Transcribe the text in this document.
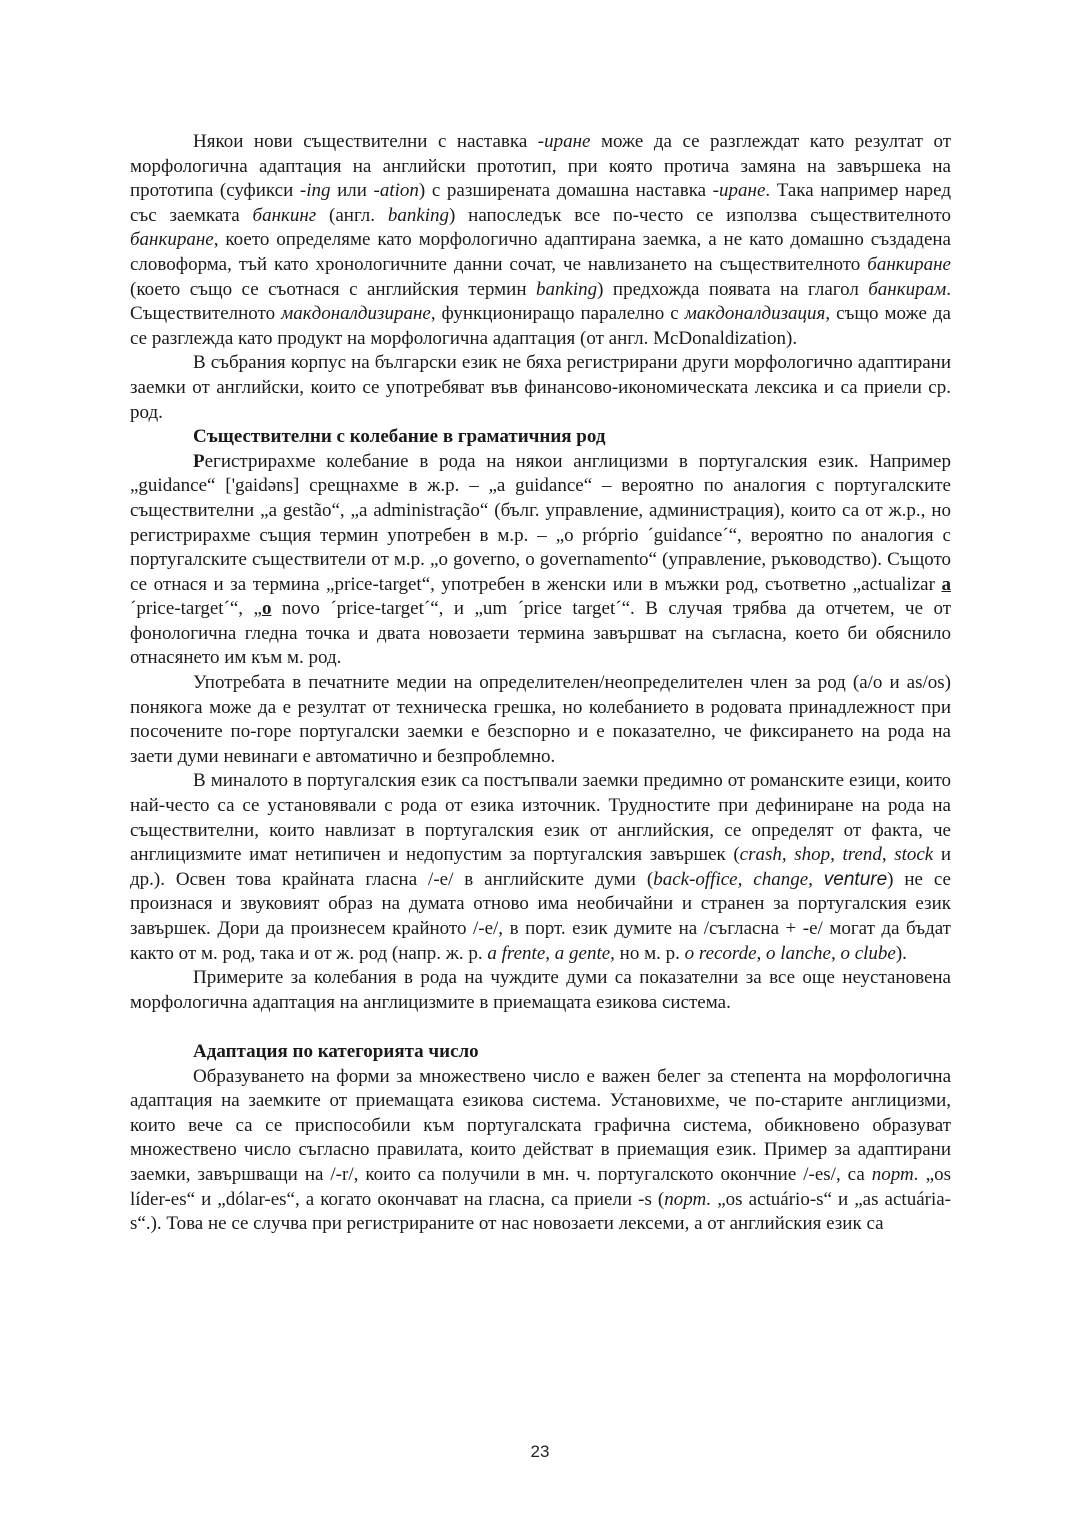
Някои нови съществителни с наставка -иране може да се разглеждат като резултат от морфологична адаптация на английски прототип, при която протича замяна на завършека на прототипа (суфикси -ing или -ation) с разширената домашна наставка -иране. Така например наред със заемката банкинг (англ. banking) напоследък все по-често се използва съществителното банкиране, което определяме като морфологично адаптирана заемка, а не като домашно създадена словоформа, тъй като хронологичните данни сочат, че навлизането на съществителното банкиране (което също се съотнася с английския термин banking) предхожда появата на глагол банкирам. Съществителното макдоналдизиране, функциониращо паралелно с макдоналдизация, също може да се разглежда като продукт на морфологична адаптация (от англ. McDonaldization).

В събрания корпус на български език не бяха регистрирани други морфологично адаптирани заемки от английски, които се употребяват във финансово-икономическата лексика и са приели ср. род.

Съществителни с колебание в граматичния род

Регистрирахме колебание в рода на някои англицизми в португалския език. Например „guidance“ ['gaidəns] срещнахме в ж.р. – „a guidance“ – вероятно по аналогия с португалските съществителни „a gestão“, „a administração“ (бълг. управление, администрация), които са от ж.р., но регистрирахме същия термин употребен в м.р. – „o próprio ´guidance´“, вероятно по аналогия с португалските съществители от м.р. „o governo, o governamento“ (управление, ръководство). Същото се отнася и за термина „price-target“, употребен в женски или в мъжки род, съответно „actualizar a ´price-target´“, „o novo ´price-target´“, и „um ´price target´“. В случая трябва да отчетем, че от фонологична гледна точка и двата новозаети термина завършват на съгласна, което би обяснило отнасянето им към м. род.

Употребата в печатните медии на определителен/неопределителен член за род (a/o и as/os) понякога може да е резултат от техническа грешка, но колебанието в родовата принадлежност при посочените по-горе португалски заемки е безспорно и е показателно, че фиксирането на рода на заети думи невинаги е автоматично и безпроблемно.

В миналото в португалския език са постъпвали заемки предимно от романските езици, които най-често са се установявали с рода от езика източник. Трудностите при дефиниране на рода на съществителни, които навлизат в португалския език от английския, се определят от факта, че англицизмите имат нетипичен и недопустим за португалския завършек (crash, shop, trend, stock и др.). Освен това крайната гласна /-e/ в английските думи (back-office, change, venture) не се произнася и звуковият образ на думата отново има необичайни и странен за португалския език завършек. Дори да произнесем крайното /-e/, в порт. език думите на /съгласна + -e/ могат да бъдат както от м. род, така и от ж. род (напр. ж. р. a frente, a gente, но м. р. o recorde, o lanche, o clube).

Примерите за колебания в рода на чуждите думи са показателни за все още неустановена морфологична адаптация на англицизмите в приемащата езикова система.

Адаптация по категорията число

Образуването на форми за множествено число е важен белег за степента на морфологична адаптация на заемките от приемащата езикова система. Установихме, че по-старите англицизми, които вече са се приспособили към португалската графична система, обикновено образуват множествено число съгласно правилата, които действат в приемащия език. Пример за адаптирани заемки, завършващи на /-r/, които са получили в мн. ч. португалското окончние /-es/, са порт. „os líder-es“ и „dólar-es“, а когато окончават на гласна, са приели -s (порт. „os actuário-s“ и „as actuária-s“.). Това не се случва при регистрираните от нас новозаети лексеми, а от английския език са

23
